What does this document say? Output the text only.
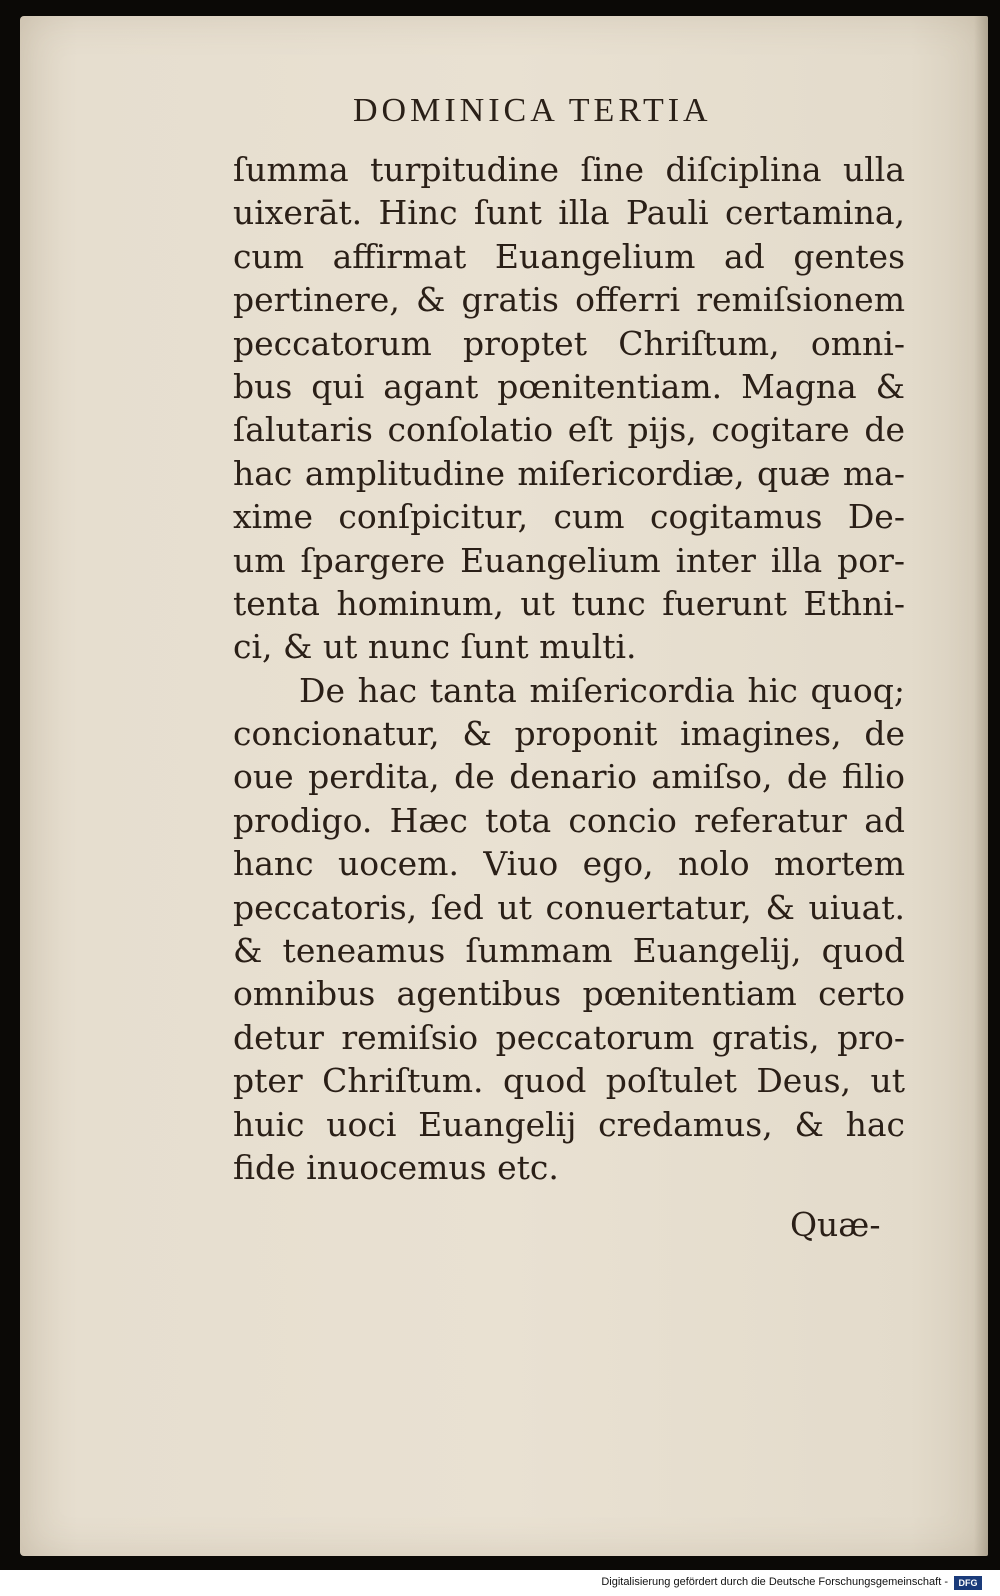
DOMINICA TERTIA
ſumma turpitudine ſine diſciplina ulla
uixerāt. Hinc ſunt illa Pauli certamina,
cum affirmat Euangelium ad gentes
pertinere, & gratis offerri remiſsionem
peccatorum proptet Chriſtum, omni-
bus qui agant pœnitentiam. Magna &
ſalutaris conſolatio eſt pijs, cogitare de
hac amplitudine miſericordiæ, quæ ma-
xime conſpicitur, cum cogitamus De-
um ſpargere Euangelium inter illa por-
tenta hominum, ut tunc fuerunt Ethni-
ci, & ut nunc ſunt multi.
De hac tanta miſericordia hic quoq;
concionatur, & proponit imagines, de
oue perdita, de denario amiſso, de filio
prodigo. Hæc tota concio referatur ad
hanc uocem. Viuo ego, nolo mortem
peccatoris, ſed ut conuertatur, & uiuat.
& teneamus ſummam Euangelij, quod
omnibus agentibus pœnitentiam certo
detur remiſsio peccatorum gratis, pro-
pter Chriſtum. quod poſtulet Deus, ut
huic uoci Euangelij credamus, & hac
fide inuocemus etc.
Quæ-
Digitalisierung gefördert durch die Deutsche Forschungsgemeinschaft -	DFG
